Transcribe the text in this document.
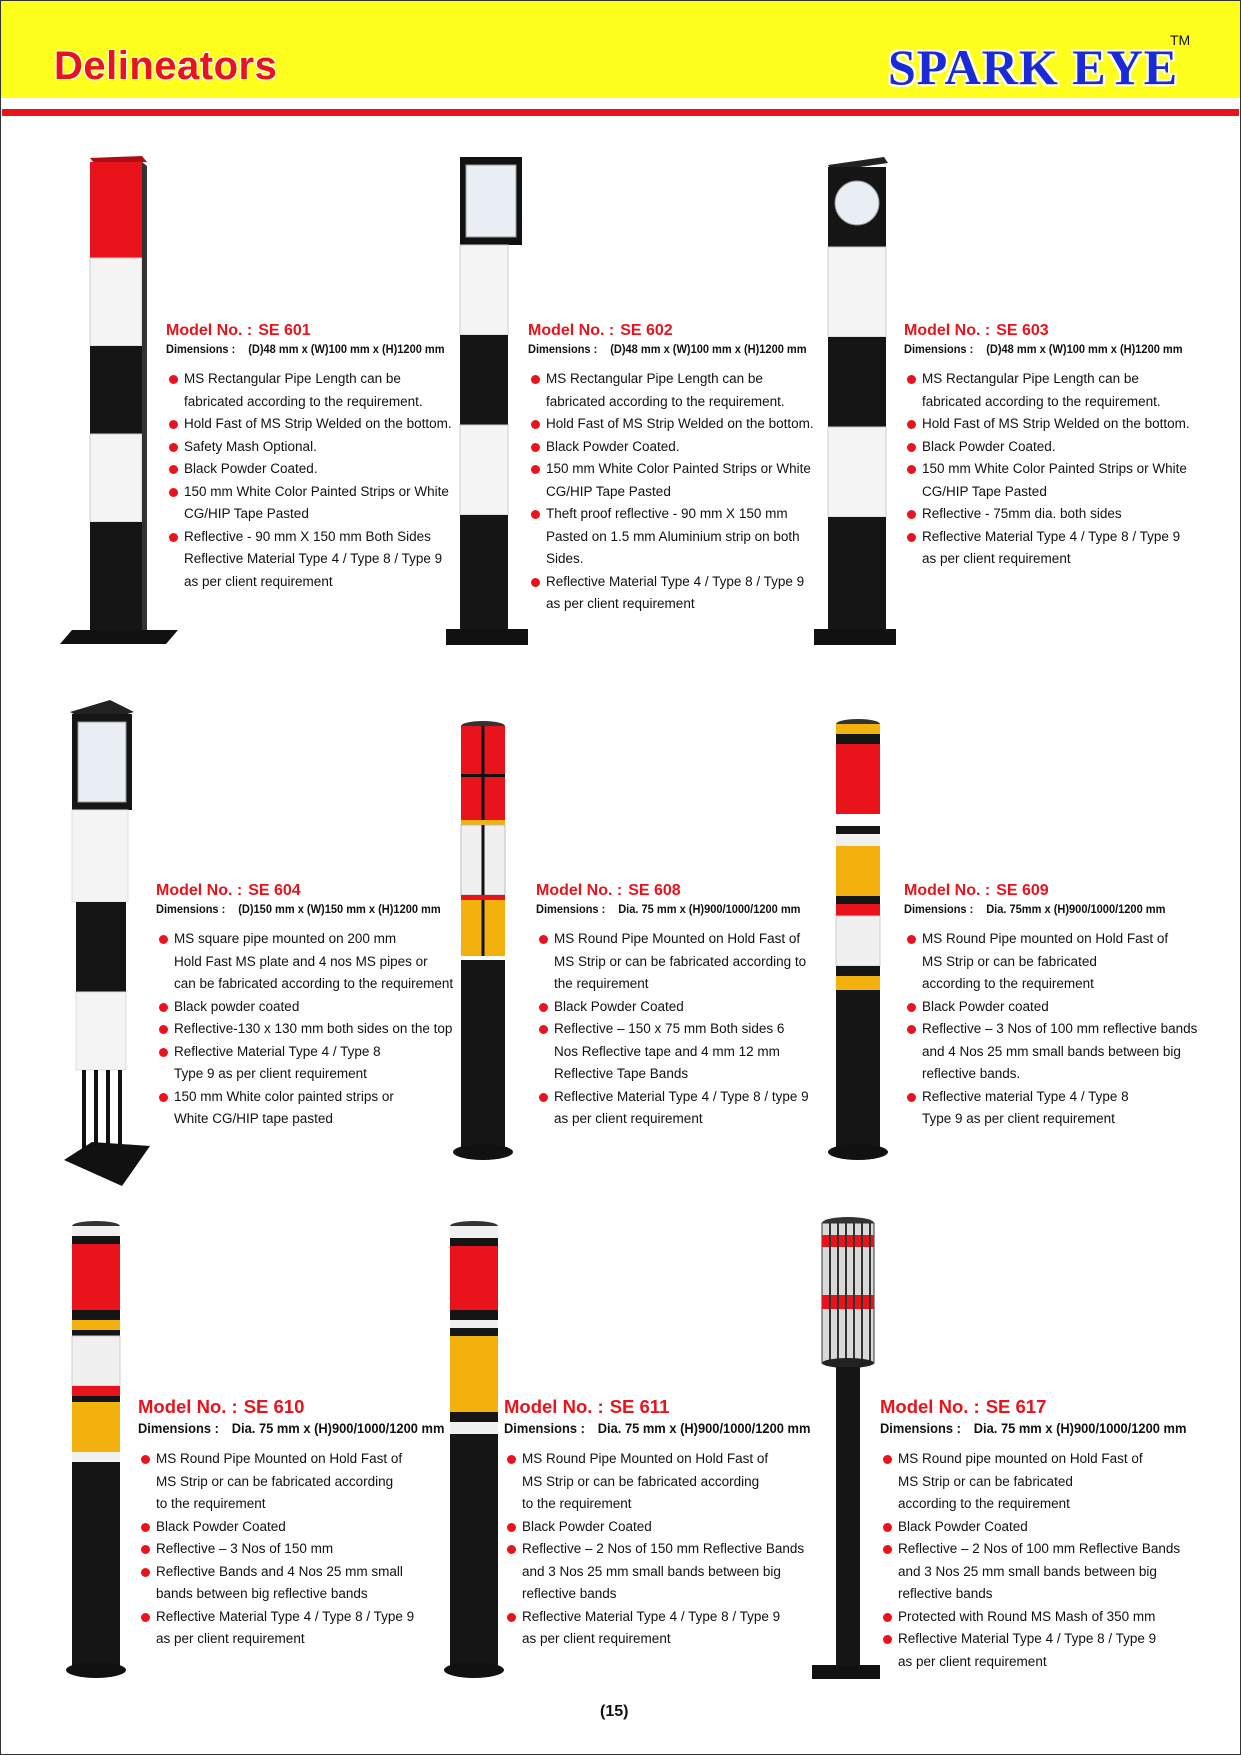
Delineators	SPARK EYE
TM
Model No. : SE 601
Dimensions : (D)48 mm x (W)100 mm x (H)1200 mm
MS Rectangular Pipe Length can be
fabricated according to the requirement.
Hold Fast of MS Strip Welded on the bottom.
Safety Mash Optional.
Black Powder Coated.
150 mm White Color Painted Strips or White
CG/HIP Tape Pasted
Reflective - 90 mm X 150 mm Both Sides
Reflective Material Type 4 / Type 8 / Type 9
as per client requirement
Model No. : SE 602
Dimensions : (D)48 mm x (W)100 mm x (H)1200 mm
MS Rectangular Pipe Length can be
fabricated according to the requirement.
Hold Fast of MS Strip Welded on the bottom.
Black Powder Coated.
150 mm White Color Painted Strips or White
CG/HIP Tape Pasted
Theft proof reflective - 90 mm X 150 mm
Pasted on 1.5 mm Aluminium strip on both
Sides.
Reflective Material Type 4 / Type 8 / Type 9
as per client requirement
Model No. : SE 603
Dimensions : (D)48 mm x (W)100 mm x (H)1200 mm
MS Rectangular Pipe Length can be
fabricated according to the requirement.
Hold Fast of MS Strip Welded on the bottom.
Black Powder Coated.
150 mm White Color Painted Strips or White
CG/HIP Tape Pasted
Reflective - 75mm dia. both sides
Reflective Material Type 4 / Type 8 / Type 9
as per client requirement
Model No. : SE 604
Dimensions : (D)150 mm x (W)150 mm x (H)1200 mm
MS square pipe mounted on 200 mm
Hold Fast MS plate and 4 nos MS pipes or
can be fabricated according to the requirement
Black powder coated
Reflective-130 x 130 mm both sides on the top
Reflective Material Type 4 / Type 8
Type 9 as per client requirement
150 mm White color painted strips or
White CG/HIP tape pasted
Model No. : SE 608
Dimensions : Dia. 75 mm x (H)900/1000/1200 mm
MS Round Pipe Mounted on Hold Fast of
MS Strip or can be fabricated according to
the requirement
Black Powder Coated
Reflective – 150 x 75 mm Both sides 6
Nos Reflective tape and 4 mm 12 mm
Reflective Tape Bands
Reflective Material Type 4 / Type 8 / type 9
as per client requirement
Model No. : SE 609
Dimensions : Dia. 75mm x (H)900/1000/1200 mm
MS Round Pipe mounted on Hold Fast of
MS Strip or can be fabricated
according to the requirement
Black Powder coated
Reflective – 3 Nos of 100 mm reflective bands
and 4 Nos 25 mm small bands between big
reflective bands.
Reflective material Type 4 / Type 8
Type 9 as per client requirement
Model No. : SE 610
Dimensions : Dia. 75 mm x (H)900/1000/1200 mm
MS Round Pipe Mounted on Hold Fast of
MS Strip or can be fabricated according
to the requirement
Black Powder Coated
Reflective – 3 Nos of 150 mm
Reflective Bands and 4 Nos 25 mm small
bands between big reflective bands
Reflective Material Type 4 / Type 8 / Type 9
as per client requirement
Model No. : SE 611
Dimensions : Dia. 75 mm x (H)900/1000/1200 mm
MS Round Pipe Mounted on Hold Fast of
MS Strip or can be fabricated according
to the requirement
Black Powder Coated
Reflective – 2 Nos of 150 mm Reflective Bands
and 3 Nos 25 mm small bands between big
reflective bands
Reflective Material Type 4 / Type 8 / Type 9
as per client requirement
Model No. : SE 617
Dimensions : Dia. 75 mm x (H)900/1000/1200 mm
MS Round pipe mounted on Hold Fast of
MS Strip or can be fabricated
according to the requirement
Black Powder Coated
Reflective – 2 Nos of 100 mm Reflective Bands
and 3 Nos 25 mm small bands between big
reflective bands
Protected with Round MS Mash of 350 mm
Reflective Material Type 4 / Type 8 / Type 9
as per client requirement
(15)
